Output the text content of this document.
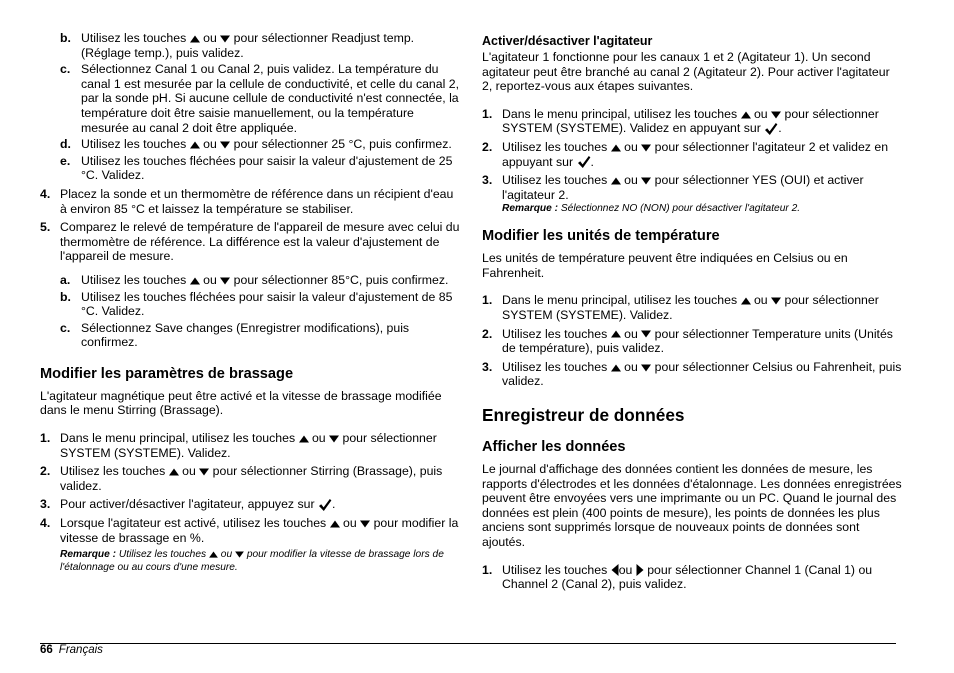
b. Utilisez les touches ou pour sélectionner Readjust temp. (Réglage temp.), puis validez.
c. Sélectionnez Canal 1 ou Canal 2, puis validez. La température du canal 1 est mesurée par la cellule de conductivité, et celle du canal 2, par la sonde pH. Si aucune cellule de conductivité n'est connectée, la température doit être saisie manuellement, ou la température mesurée au canal 2 doit être appliquée.
d. Utilisez les touches ou pour sélectionner 25 °C, puis confirmez.
e. Utilisez les touches fléchées pour saisir la valeur d'ajustement de 25 °C. Validez.
4. Placez la sonde et un thermomètre de référence dans un récipient d'eau à environ 85 °C et laissez la température se stabiliser.
5. Comparez le relevé de température de l'appareil de mesure avec celui du thermomètre de référence. La différence est la valeur d'ajustement de l'appareil de mesure.
a. Utilisez les touches ou pour sélectionner 85°C, puis confirmez.
b. Utilisez les touches fléchées pour saisir la valeur d'ajustement de 85 °C. Validez.
c. Sélectionnez Save changes (Enregistrer modifications), puis confirmez.
Modifier les paramètres de brassage

L'agitateur magnétique peut être activé et la vitesse de brassage modifiée dans le menu Stirring (Brassage).

1. Dans le menu principal, utilisez les touches ou pour sélectionner SYSTEM (SYSTEME). Validez.
2. Utilisez les touches ou pour sélectionner Stirring (Brassage), puis validez.
3. Pour activer/désactiver l'agitateur, appuyez sur .
4. Lorsque l'agitateur est activé, utilisez les touches ou pour modifier la vitesse de brassage en %.
Remarque : Utilisez les touches ou pour modifier la vitesse de brassage lors de l'étalonnage ou au cours d'une mesure.
Activer/désactiver l'agitateur

L'agitateur 1 fonctionne pour les canaux 1 et 2 (Agitateur 1). Un second agitateur peut être branché au canal 2 (Agitateur 2). Pour activer l'agitateur 2, reportez-vous aux étapes suivantes.

1. Dans le menu principal, utilisez les touches ou pour sélectionner SYSTEM (SYSTEME). Validez en appuyant sur .
2. Utilisez les touches ou pour sélectionner l'agitateur 2 et validez en appuyant sur .
3. Utilisez les touches ou pour sélectionner YES (OUI) et activer l'agitateur 2.
Remarque : Sélectionnez NO (NON) pour désactiver l'agitateur 2.
Modifier les unités de température

Les unités de température peuvent être indiquées en Celsius ou en Fahrenheit.

1. Dans le menu principal, utilisez les touches ou pour sélectionner SYSTEM (SYSTEME). Validez.
2. Utilisez les touches ou pour sélectionner Temperature units (Unités de température), puis validez.
3. Utilisez les touches ou pour sélectionner Celsius ou Fahrenheit, puis validez.
Enregistreur de données
Afficher les données

Le journal d'affichage des données contient les données de mesure, les rapports d'électrodes et les données d'étalonnage. Les données enregistrées peuvent être envoyées vers une imprimante ou un PC. Quand le journal des données est plein (400 points de mesure), les points de données les plus anciens sont supprimés lorsque de nouveaux points de données sont ajoutés.

1. Utilisez les touches ou pour sélectionner Channel 1 (Canal 1) ou Channel 2 (Canal 2), puis validez.
66 Français
